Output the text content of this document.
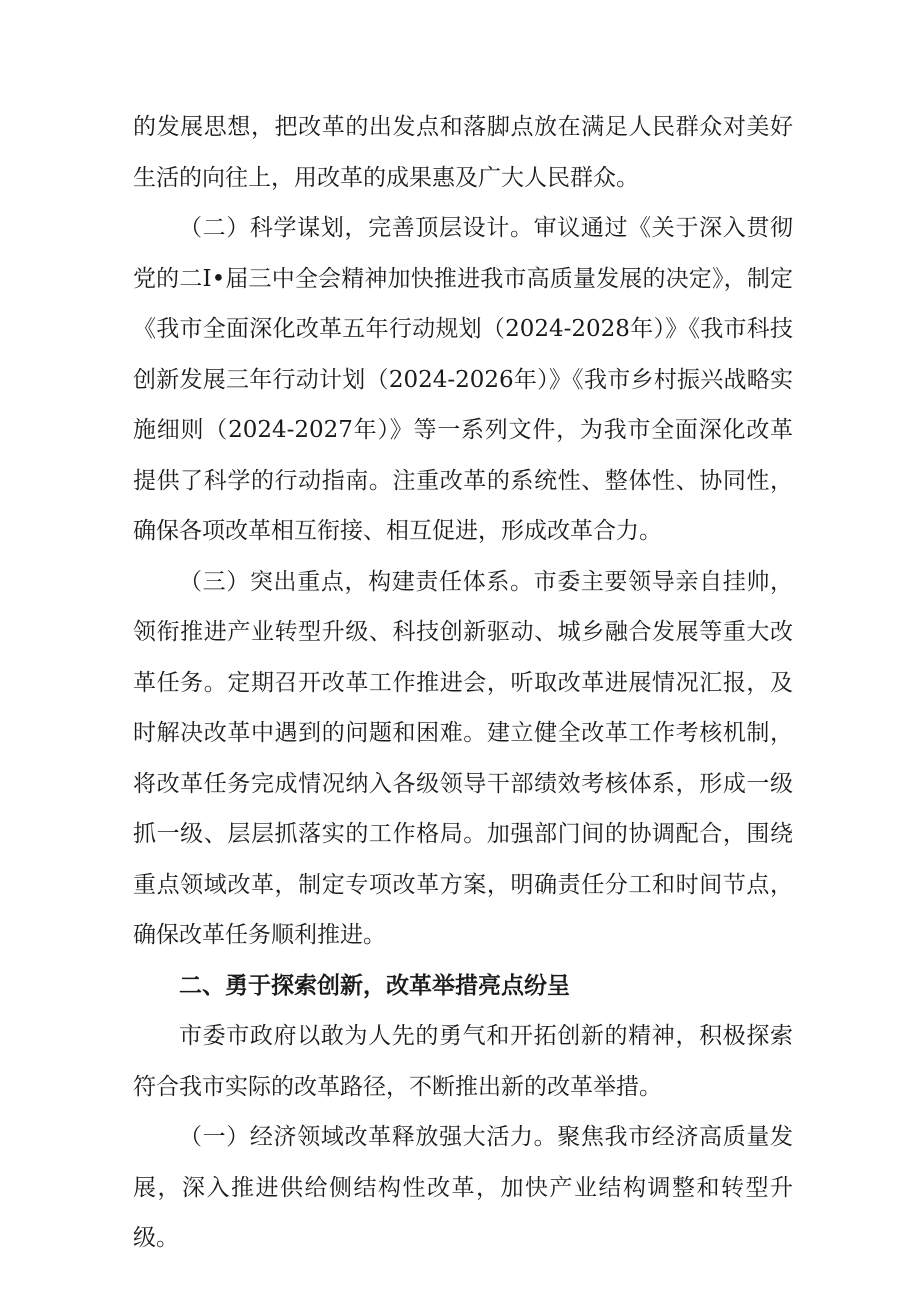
的发展思想，把改革的出发点和落脚点放在满足人民群众对美好生活的向往上，用改革的成果惠及广大人民群众。

（二）科学谋划，完善顶层设计。审议通过《关于深入贯彻党的二I•届三中全会精神加快推进我市高质量发展的决定》，制定《我市全面深化改革五年行动规划（2024-2028年）》《我市科技创新发展三年行动计划（2024-2026年）》《我市乡村振兴战略实施细则（2024-2027年）》等一系列文件，为我市全面深化改革提供了科学的行动指南。注重改革的系统性、整体性、协同性，确保各项改革相互衔接、相互促进，形成改革合力。

（三）突出重点，构建责任体系。市委主要领导亲自挂帅，领衔推进产业转型升级、科技创新驱动、城乡融合发展等重大改革任务。定期召开改革工作推进会，听取改革进展情况汇报，及时解决改革中遇到的问题和困难。建立健全改革工作考核机制，将改革任务完成情况纳入各级领导干部绩效考核体系，形成一级抓一级、层层抓落实的工作格局。加强部门间的协调配合，围绕重点领域改革，制定专项改革方案，明确责任分工和时间节点，确保改革任务顺利推进。

二、勇于探索创新，改革举措亮点纷呈

市委市政府以敢为人先的勇气和开拓创新的精神，积极探索符合我市实际的改革路径，不断推出新的改革举措。

（一）经济领域改革释放强大活力。聚焦我市经济高质量发展，深入推进供给侧结构性改革，加快产业结构调整和转型升级。
